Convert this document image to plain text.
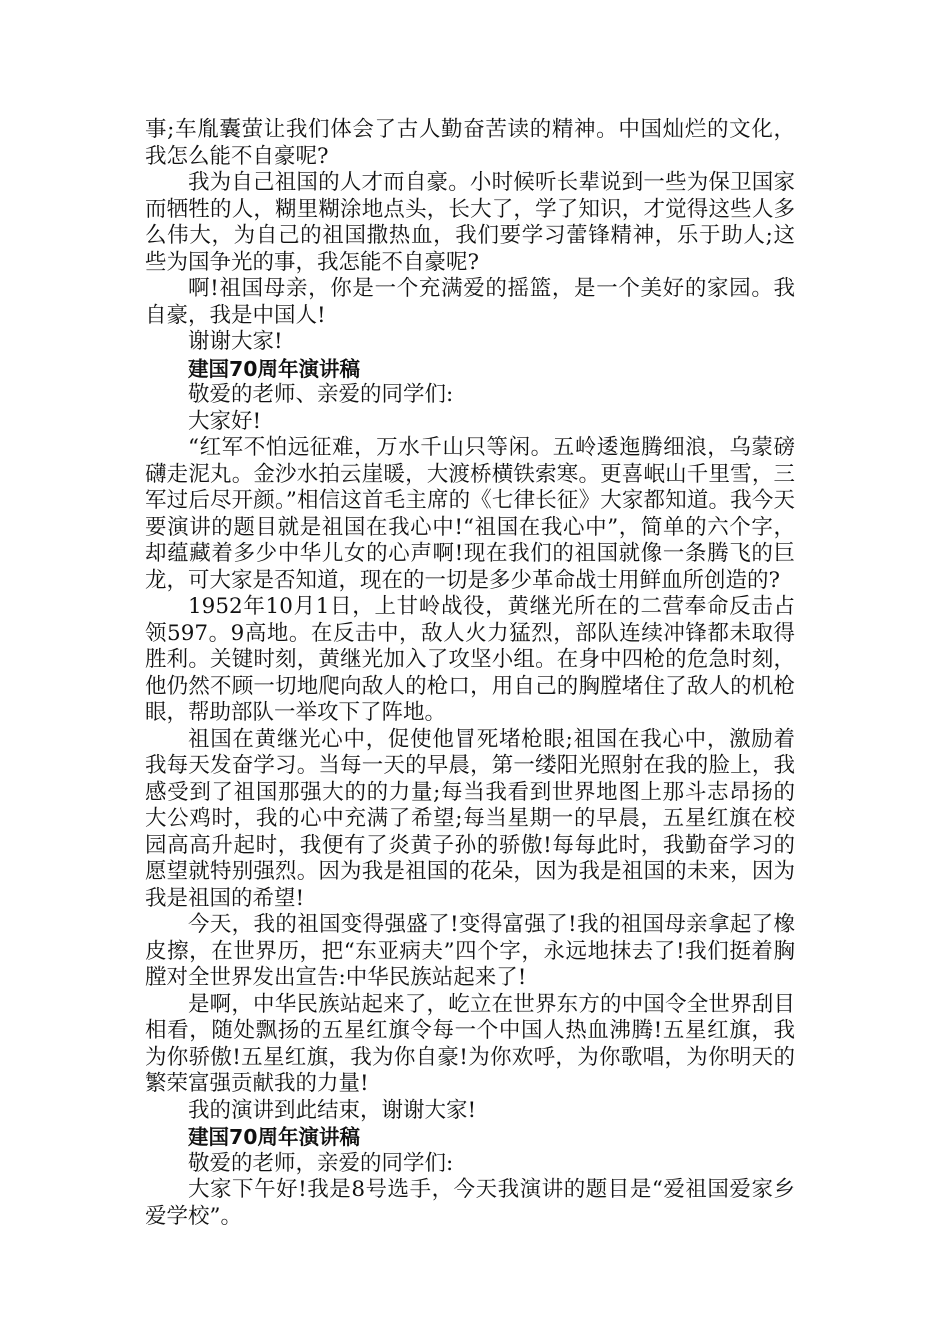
事;车胤囊萤让我们体会了古人勤奋苦读的精神。中国灿烂的文化，我怎么能不自豪呢?

我为自己祖国的人才而自豪。小时候听长辈说到一些为保卫国家而牺牲的人，糊里糊涂地点头，长大了，学了知识，才觉得这些人多么伟大，为自己的祖国撒热血，我们要学习蕾锋精神，乐于助人;这些为国争光的事，我怎能不自豪呢?

啊!祖国母亲，你是一个充满爱的摇篮，是一个美好的家园。我自豪，我是中国人!

谢谢大家!

建国70周年演讲稿

敬爱的老师、亲爱的同学们:

大家好!

“红军不怕远征难，万水千山只等闲。五岭逶迤腾细浪，乌蒙磅礴走泥丸。金沙水拍云崖暖，大渡桥横铁索寒。更喜岷山千里雪，三军过后尽开颜。”相信这首毛主席的《七律长征》大家都知道。我今天要演讲的题目就是祖国在我心中!“祖国在我心中”，简单的六个字，却蕴藏着多少中华儿女的心声啊!现在我们的祖国就像一条腾飞的巨龙，可大家是否知道，现在的一切是多少革命战士用鲜血所创造的?

1952年10月1日，上甘岭战役，黄继光所在的二营奉命反击占领597。9高地。在反击中，敌人火力猛烈，部队连续冲锋都未取得胜利。关键时刻，黄继光加入了攻坚小组。在身中四枪的危急时刻，他仍然不顾一切地爬向敌人的枪口，用自己的胸膛堵住了敌人的机枪眼，帮助部队一举攻下了阵地。

祖国在黄继光心中，促使他冒死堵枪眼;祖国在我心中，激励着我每天发奋学习。当每一天的早晨，第一缕阳光照射在我的脸上，我感受到了祖国那强大的的力量;每当我看到世界地图上那斗志昂扬的大公鸡时，我的心中充满了希望;每当星期一的早晨，五星红旗在校园高高升起时，我便有了炎黄子孙的骄傲!每每此时，我勤奋学习的愿望就特别强烈。因为我是祖国的花朵，因为我是祖国的未来，因为我是祖国的希望!

今天，我的祖国变得强盛了!变得富强了!我的祖国母亲拿起了橡皮擦，在世界历，把“东亚病夫”四个字，永远地抹去了!我们挺着胸膛对全世界发出宣告:中华民族站起来了!

是啊，中华民族站起来了，屹立在世界东方的中国令全世界刮目相看，随处飘扬的五星红旗令每一个中国人热血沸腾!五星红旗，我为你骄傲!五星红旗，我为你自豪!为你欢呼，为你歌唱，为你明天的繁荣富强贡献我的力量!

我的演讲到此结束，谢谢大家!

建国70周年演讲稿

敬爱的老师，亲爱的同学们:

大家下午好!我是8号选手，今天我演讲的题目是“爱祖国爱家乡爱学校”。
